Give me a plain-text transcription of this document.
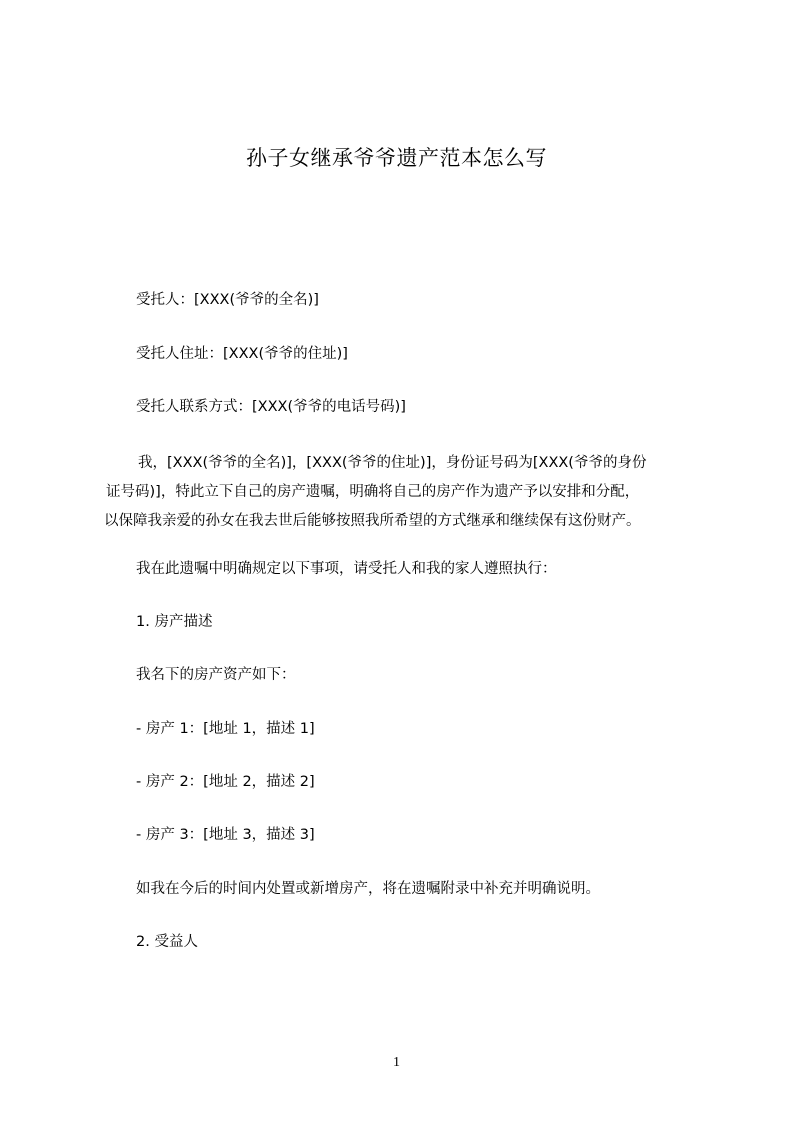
孙子女继承爷爷遗产范本怎么写
受托人：[XXX(爷爷的全名)]
受托人住址：[XXX(爷爷的住址)]
受托人联系方式：[XXX(爷爷的电话号码)]
我，[XXX(爷爷的全名)]，[XXX(爷爷的住址)]，身份证号码为[XXX(爷爷的身份
证号码)]，特此立下自己的房产遗嘱，明确将自己的房产作为遗产予以安排和分配，
以保障我亲爱的孙女在我去世后能够按照我所希望的方式继承和继续保有这份财产。
我在此遗嘱中明确规定以下事项，请受托人和我的家人遵照执行：
1. 房产描述
我名下的房产资产如下：
- 房产 1：[地址 1，描述 1]
- 房产 2：[地址 2，描述 2]
- 房产 3：[地址 3，描述 3]
如我在今后的时间内处置或新增房产，将在遗嘱附录中补充并明确说明。
2. 受益人
1
